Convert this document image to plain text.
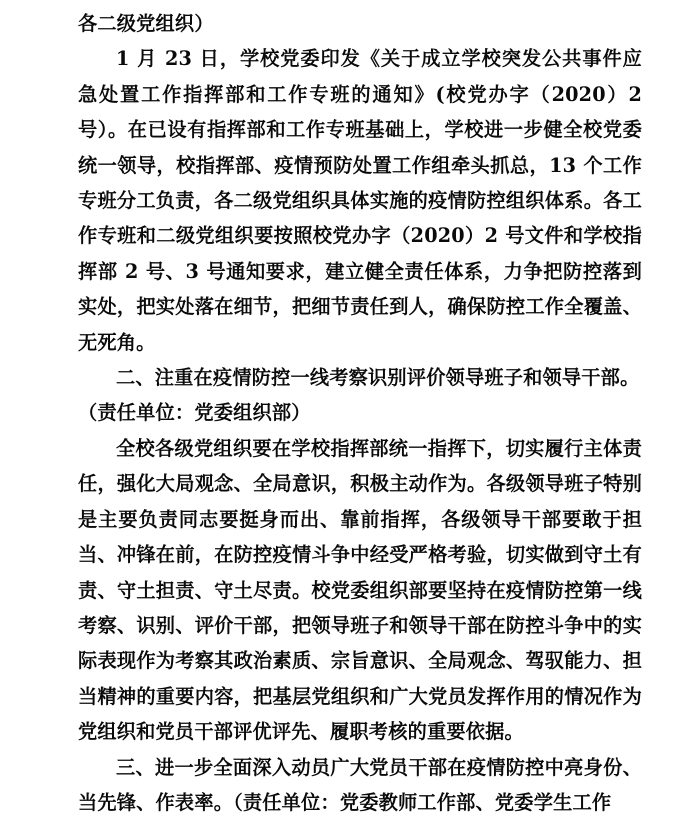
各二级党组织）

1 月 23 日，学校党委印发《关于成立学校突发公共事件应急处置工作指挥部和工作专班的通知》(校党办字（2020）2 号）。在已设有指挥部和工作专班基础上，学校进一步健全校党委统一领导，校指挥部、疫情预防处置工作组牵头抓总，13 个工作专班分工负责，各二级党组织具体实施的疫情防控组织体系。各工作专班和二级党组织要按照校党办字（2020）2 号文件和学校指挥部 2 号、3 号通知要求，建立健全责任体系，力争把防控落到实处，把实处落在细节，把细节责任到人，确保防控工作全覆盖、无死角。

二、注重在疫情防控一线考察识别评价领导班子和领导干部。

（责任单位：党委组织部）

全校各级党组织要在学校指挥部统一指挥下，切实履行主体责任，强化大局观念、全局意识，积极主动作为。各级领导班子特别是主要负责同志要挺身而出、靠前指挥，各级领导干部要敢于担当、冲锋在前，在防控疫情斗争中经受严格考验，切实做到守土有责、守土担责、守土尽责。校党委组织部要坚持在疫情防控第一线考察、识别、评价干部，把领导班子和领导干部在防控斗争中的实际表现作为考察其政治素质、宗旨意识、全局观念、驾驭能力、担当精神的重要内容，把基层党组织和广大党员发挥作用的情况作为党组织和党员干部评优评先、履职考核的重要依据。

三、进一步全面深入动员广大党员干部在疫情防控中亮身份、当先锋、作表率。（责任单位：党委教师工作部、党委学生工作
